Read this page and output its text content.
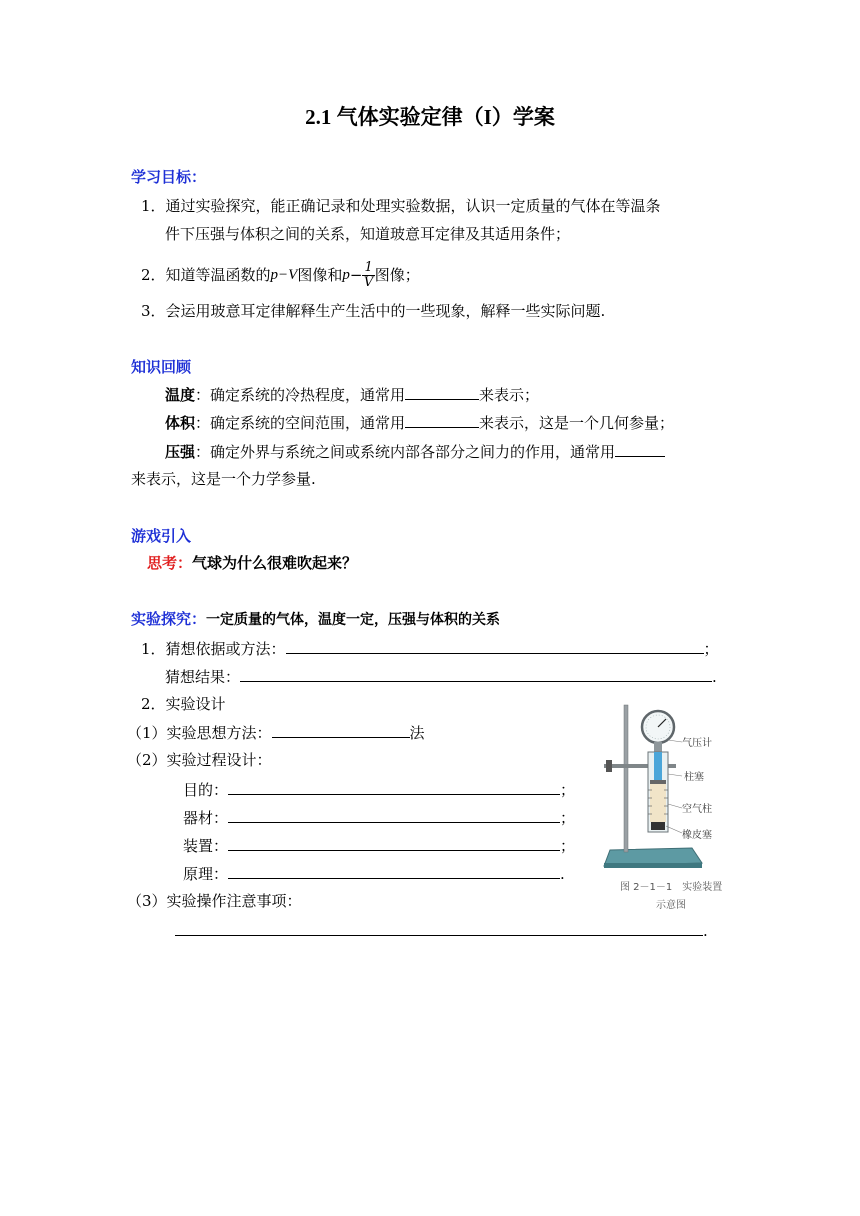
2.1 气体实验定律（I）学案
学习目标：
1．通过实验探究，能正确记录和处理实验数据，认识一定质量的气体在等温条
件下压强与体积之间的关系，知道玻意耳定律及其适用条件；
2．知道等温函数的 p−V 图像和 $p - \frac{1}{V}$ 图像；
3．会运用玻意耳定律解释生产生活中的一些现象，解释一些实际问题.
知识回顾
温度：确定系统的冷热程度，通常用	来表示；
体积：确定系统的空间范围，通常用	来表示，这是一个几何参量；
压强：确定外界与系统之间或系统内部各部分之间力的作用，通常用
来表示，这是一个力学参量.
游戏引入
思考：气球为什么很难吹起来？
实验探究：一定质量的气体，温度一定，压强与体积的关系
1．猜想依据或方法：	；
猜想结果：	.
2．实验设计
（1）实验思想方法：	法
（2）实验过程设计：
目的：	；
器材：	；
装置：	；
原理：	.
（3）实验操作注意事项：
.
气压计
柱塞
空气柱
橡皮塞
图 2－1－1　实验装置
示意图
